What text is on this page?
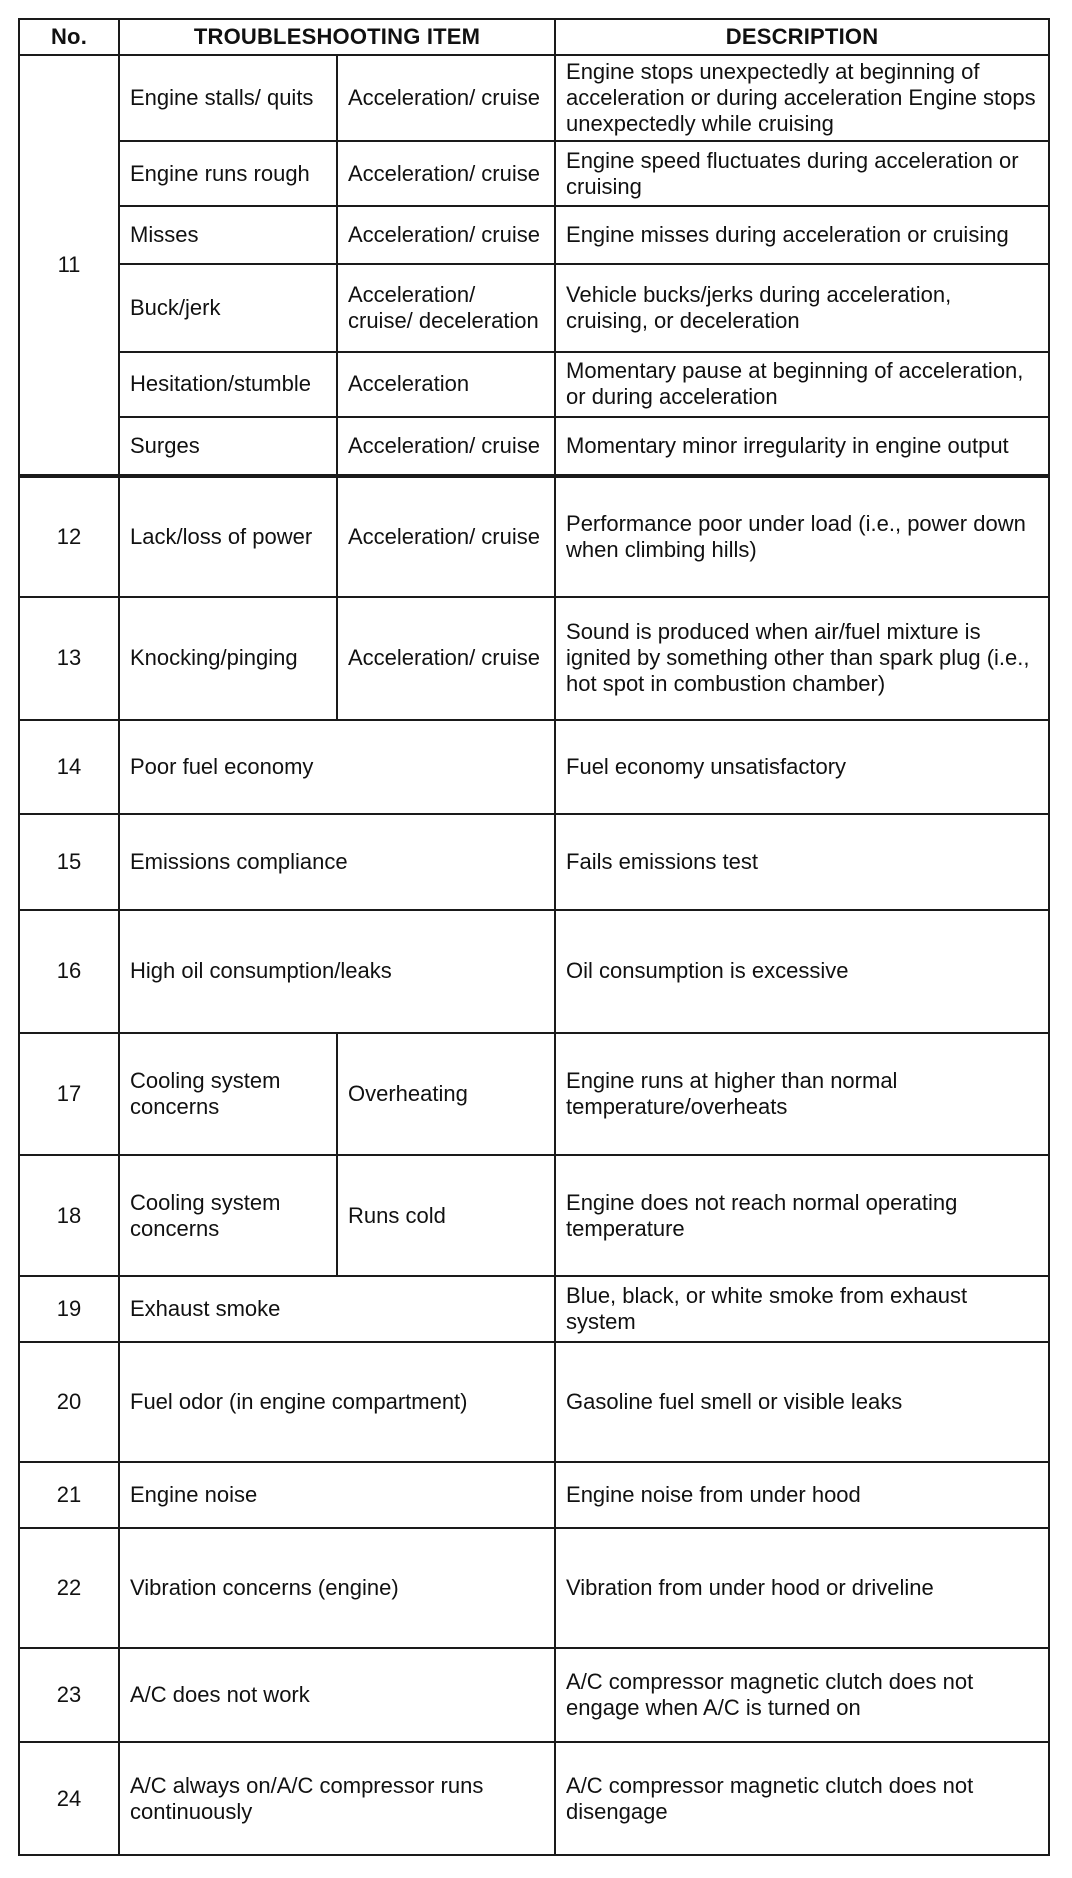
No.	TROUBLESHOOTING ITEM		DESCRIPTION
11	Engine stalls/ quits	Acceleration/ cruise	Engine stops unexpectedly at beginning of acceleration or during acceleration Engine stops unexpectedly while cruising
	Engine runs rough	Acceleration/ cruise	Engine speed fluctuates during acceleration or cruising
	Misses	Acceleration/ cruise	Engine misses during acceleration or cruising
	Buck/jerk	Acceleration/ cruise/ deceleration	Vehicle bucks/jerks during acceleration, cruising, or deceleration
	Hesitation/stumble	Acceleration	Momentary pause at beginning of acceleration, or during acceleration
	Surges	Acceleration/ cruise	Momentary minor irregularity in engine output
12	Lack/loss of power	Acceleration/ cruise	Performance poor under load (i.e., power down when climbing hills)
13	Knocking/pinging	Acceleration/ cruise	Sound is produced when air/fuel mixture is ignited by something other than spark plug (i.e., hot spot in combustion chamber)
14	Poor fuel economy		Fuel economy unsatisfactory
15	Emissions compliance		Fails emissions test
16	High oil consumption/leaks		Oil consumption is excessive
17	Cooling system concerns	Overheating	Engine runs at higher than normal temperature/overheats
18	Cooling system concerns	Runs cold	Engine does not reach normal operating temperature
19	Exhaust smoke		Blue, black, or white smoke from exhaust system
20	Fuel odor (in engine compartment)		Gasoline fuel smell or visible leaks
21	Engine noise		Engine noise from under hood
22	Vibration concerns (engine)		Vibration from under hood or driveline
23	A/C does not work		A/C compressor magnetic clutch does not engage when A/C is turned on
24	A/C always on/A/C compressor runs continuously		A/C compressor magnetic clutch does not disengage
